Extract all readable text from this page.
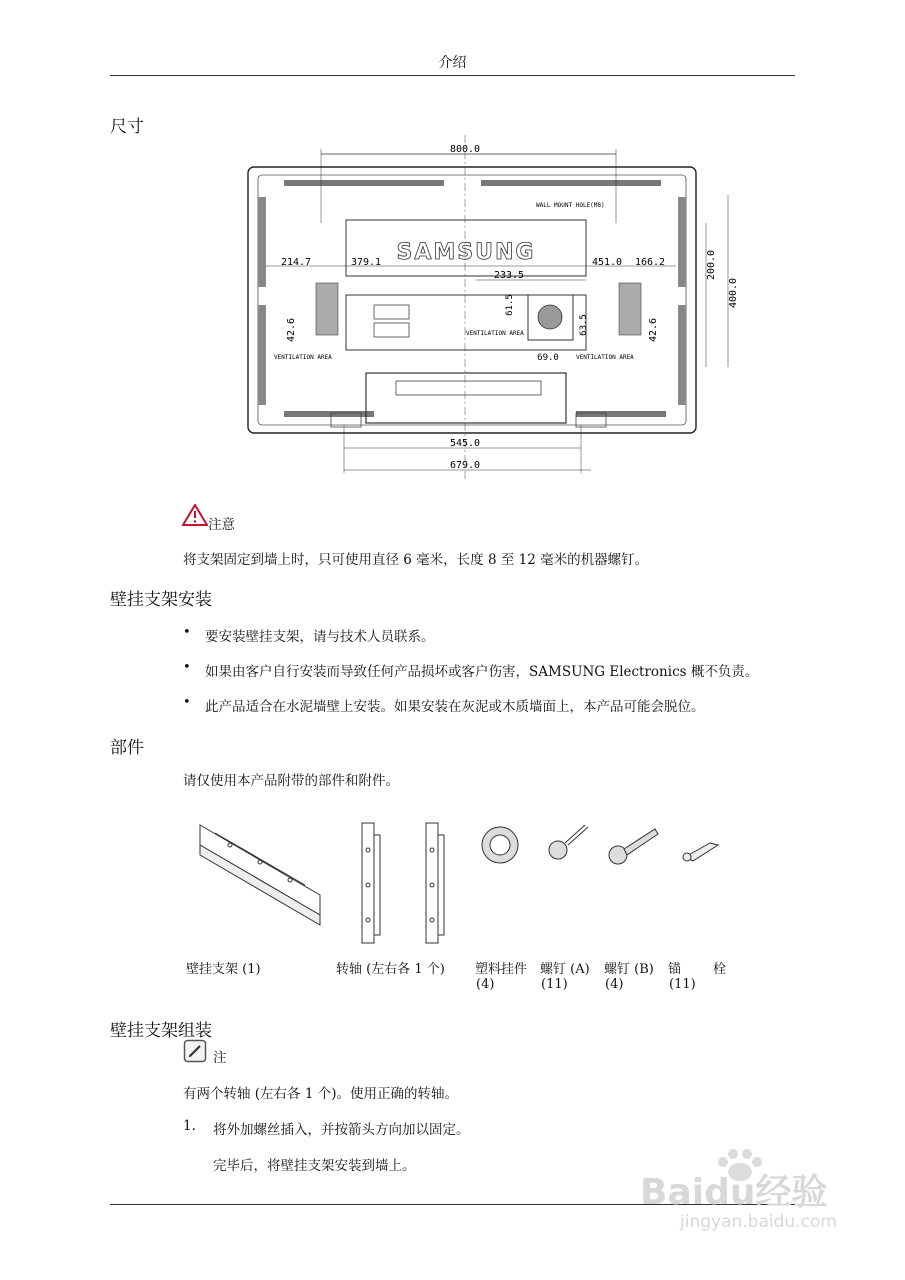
介绍
尺寸
800.0
WALL MOUNT HOLE(M8)
SAMSUNG
214.7	379.1	451.0 166.2
233.5	200.0
400.0
61.5
63.5
42.6	42.6
VENTILATION AREA
VENTILATION AREA	VENTILATION AREA
69.0
545.0
679.0
注意
将支架固定到墙上时，只可使用直径 6 毫米，长度 8 至 12 毫米的机器螺钉。
壁挂支架安装
• 要安装壁挂支架，请与技术人员联系。
• 如果由客户自行安装而导致任何产品损坏或客户伤害，SAMSUNG Electronics 概不负责。
• 此产品适合在水泥墙壁上安装。如果安装在灰泥或木质墙面上，本产品可能会脱位。
部件
请仅使用本产品附带的部件和附件。
壁挂支架 (1)	转轴 (左右各 1 个) 塑料挂件
(4)
螺钉 (A)
(11)
螺钉 (B)
(4)
锚
(11)
栓
壁挂支架组装
注
有两个转轴 (左右各 1 个)。使用正确的转轴。
1. 将外加螺丝插入，并按箭头方向加以固定。
完毕后，将壁挂支架安装到墙上。
Baidu经验
jingyan.baidu.com
